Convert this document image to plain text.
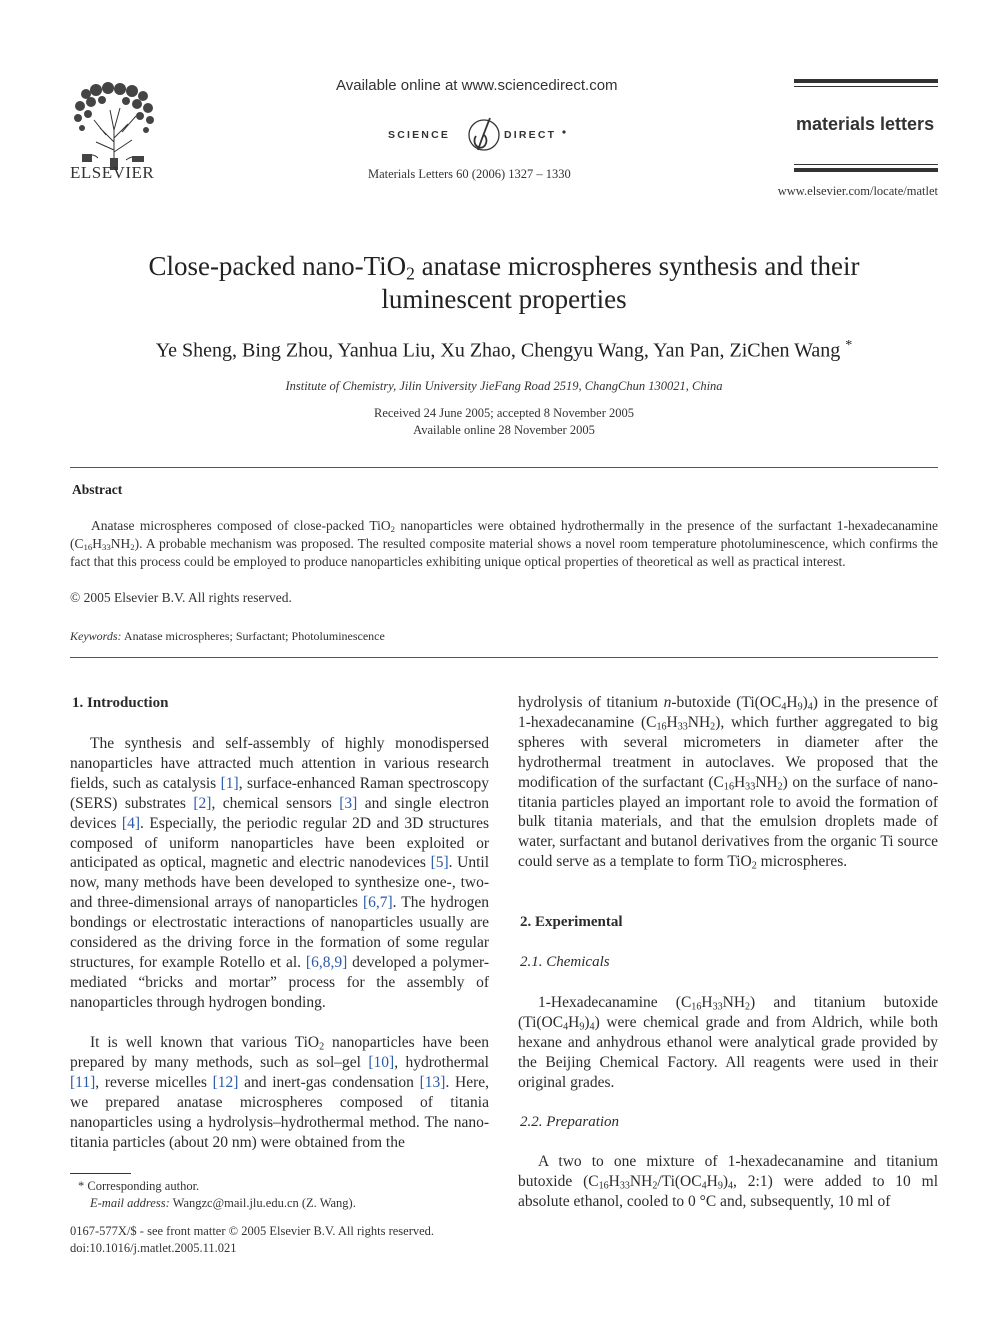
ELSEVIER
Available online at www.sciencedirect.com
SCIENCE	DIRECT
Materials Letters 60 (2006) 1327 – 1330
materials letters
www.elsevier.com/locate/matlet
Close-packed nano-TiO$_2$ anatase microspheres synthesis and their
luminescent properties
Ye Sheng, Bing Zhou, Yanhua Liu, Xu Zhao, Chengyu Wang, Yan Pan, ZiChen Wang *
Institute of Chemistry, Jilin University JieFang Road 2519, ChangChun 130021, China
Received 24 June 2005; accepted 8 November 2005
Available online 28 November 2005
Abstract

Anatase microspheres composed of close-packed TiO$_2$ nanoparticles were obtained hydrothermally in the presence of the surfactant 1-hexadecanamine $(C_{16}H_{33}NH_2)$. A probable mechanism was proposed. The resulted composite material shows a novel room temperature photoluminescence, which confirms the fact that this process could be employed to produce nanoparticles exhibiting unique optical properties of theoretical as well as practical interest.

© 2005 Elsevier B.V. All rights reserved.
Keywords: Anatase microspheres; Surfactant; Photoluminescence
1. Introduction

The synthesis and self-assembly of highly monodispersed nanoparticles have attracted much attention in various research fields, such as catalysis [1], surface-enhanced Raman spectroscopy (SERS) substrates [2], chemical sensors [3] and single electron devices [4]. Especially, the periodic regular 2D and 3D structures composed of uniform nanoparticles have been exploited or anticipated as optical, magnetic and electric nanodevices [5]. Until now, many methods have been developed to synthesize one-, two- and three-dimensional arrays of nanoparticles [6,7]. The hydrogen bondings or electrostatic interactions of nanoparticles usually are considered as the driving force in the formation of some regular structures, for example Rotello et al. [6,8,9] developed a polymer-mediated “bricks and mortar” process for the assembly of nanoparticles through hydrogen bonding.

It is well known that various TiO$_2$ nanoparticles have been prepared by many methods, such as sol–gel [10], hydrothermal [11], reverse micelles [12] and inert-gas condensation [13]. Here, we prepared anatase microspheres composed of titania nanoparticles using a hydrolysis–hydrothermal method. The nano-titania particles (about 20 nm) were obtained from the

* Corresponding author.
E-mail address: Wangzc@mail.jlu.edu.cn (Z. Wang).
0167-577X/$ - see front matter © 2005 Elsevier B.V. All rights reserved.
doi:10.1016/j.matlet.2005.11.021

hydrolysis of titanium n-butoxide $(Ti(OC_4H_9)_4)$ in the presence of 1-hexadecanamine $(C_{16}H_{33}NH_2)$, which further aggregated to big spheres with several micrometers in diameter after the hydrothermal treatment in autoclaves. We proposed that the modification of the surfactant $(C_{16}H_{33}NH_2)$ on the surface of nano-titania particles played an important role to avoid the formation of bulk titania materials, and that the emulsion droplets made of water, surfactant and butanol derivatives from the organic Ti source could serve as a template to form TiO$_2$ microspheres.

2. Experimental
2.1. Chemicals

1-Hexadecanamine $(C_{16}H_{33}NH_2)$ and titanium butoxide $(Ti(OC_4H_9)_4)$ were chemical grade and from Aldrich, while both hexane and anhydrous ethanol were analytical grade provided by the Beijing Chemical Factory. All reagents were used in their original grades.

2.2. Preparation

A two to one mixture of 1-hexadecanamine and titanium butoxide ($C_{16}H_{33}NH_2/Ti(OC_4H_9)_4$, 2:1) were added to 10 ml absolute ethanol, cooled to 0 °C and, subsequently, 10 ml of
